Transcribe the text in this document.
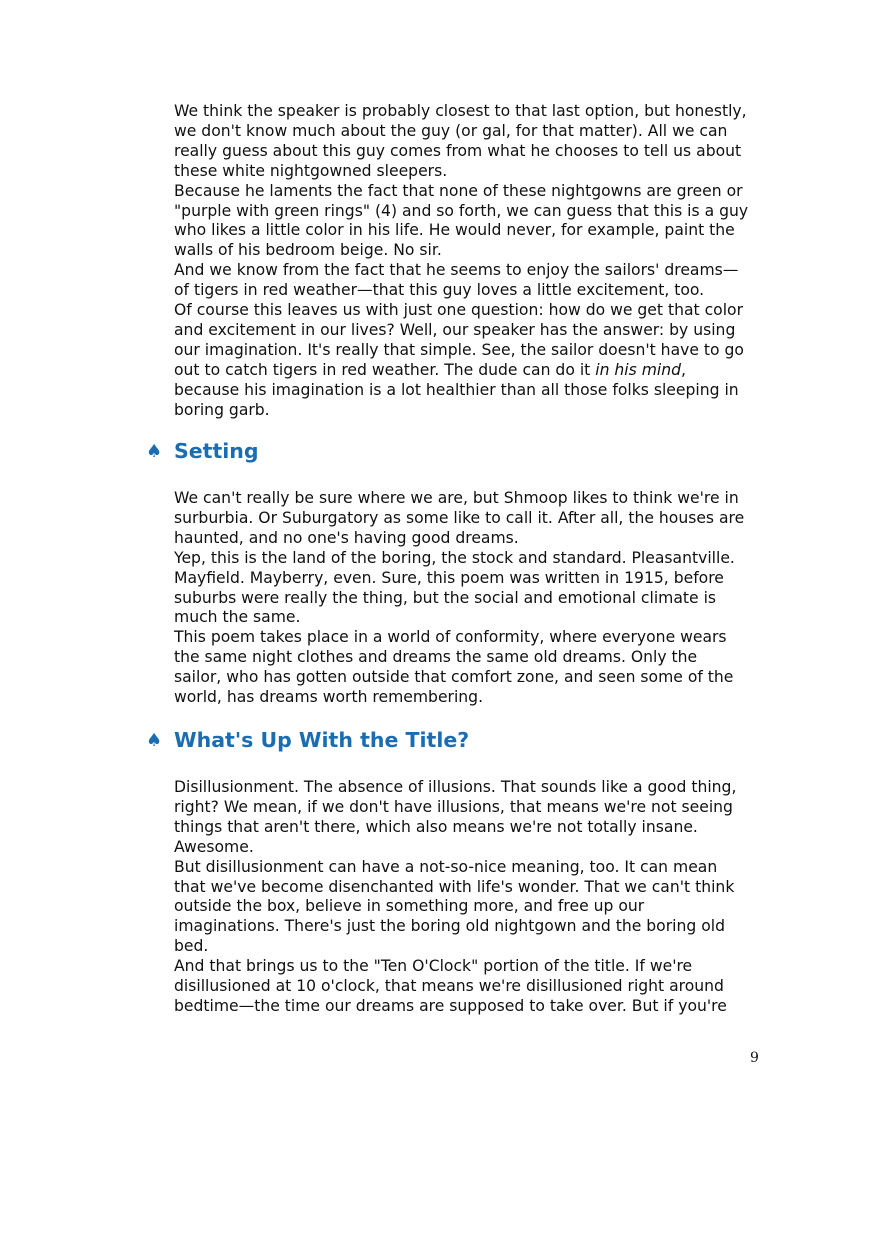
We think the speaker is probably closest to that last option, but honestly,

we don't know much about the guy (or gal, for that matter). All we can

really guess about this guy comes from what he chooses to tell us about

these white nightgowned sleepers.

Because he laments the fact that none of these nightgowns are green or

"purple with green rings" (4) and so forth, we can guess that this is a guy

who likes a little color in his life. He would never, for example, paint the

walls of his bedroom beige. No sir.

And we know from the fact that he seems to enjoy the sailors' dreams—

of tigers in red weather—that this guy loves a little excitement, too.

Of course this leaves us with just one question: how do we get that color

and excitement in our lives? Well, our speaker has the answer: by using

our imagination. It's really that simple. See, the sailor doesn't have to go

out to catch tigers in red weather. The dude can do it in his mind,

because his imagination is a lot healthier than all those folks sleeping in

boring garb.

♠ Setting

We can't really be sure where we are, but Shmoop likes to think we're in

surburbia. Or Suburgatory as some like to call it. After all, the houses are

haunted, and no one's having good dreams.

Yep, this is the land of the boring, the stock and standard. Pleasantville.

Mayfield. Mayberry, even. Sure, this poem was written in 1915, before

suburbs were really the thing, but the social and emotional climate is

much the same.

This poem takes place in a world of conformity, where everyone wears

the same night clothes and dreams the same old dreams. Only the

sailor, who has gotten outside that comfort zone, and seen some of the

world, has dreams worth remembering.

♠ What's Up With the Title?

Disillusionment. The absence of illusions. That sounds like a good thing,

right? We mean, if we don't have illusions, that means we're not seeing

things that aren't there, which also means we're not totally insane.

Awesome.

But disillusionment can have a not-so-nice meaning, too. It can mean

that we've become disenchanted with life's wonder. That we can't think

outside the box, believe in something more, and free up our

imaginations. There's just the boring old nightgown and the boring old

bed.

And that brings us to the "Ten O'Clock" portion of the title. If we're

disillusioned at 10 o'clock, that means we're disillusioned right around

bedtime—the time our dreams are supposed to take over. But if you're

9
